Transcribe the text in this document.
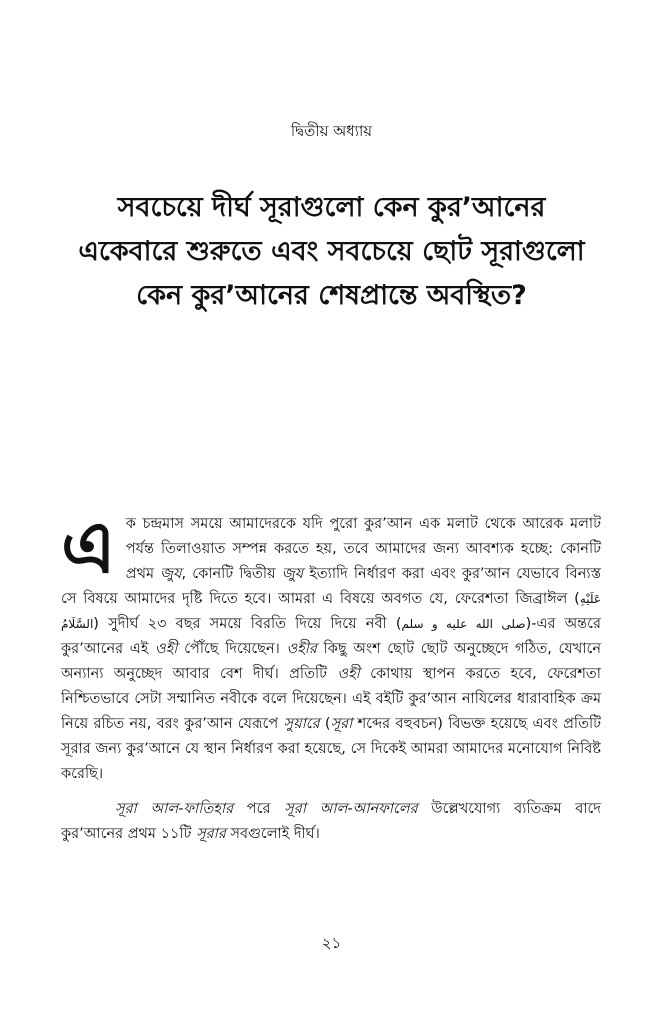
দ্বিতীয় অধ্যায়
সবচেয়ে দীর্ঘ সূরাগুলো কেন কুর’আনের
একেবারে শুরুতে এবং সবচেয়ে ছোট সূরাগুলো
কেন কুর’আনের শেষপ্রান্তে অবস্থিত?

এক চন্দ্রমাস সময়ে আমাদেরকে যদি পুরো কুর’আন এক মলাট থেকে আরেক মলাট পর্যন্ত তিলাওয়াত সম্পন্ন করতে হয়, তবে আমাদের জন্য আবশ্যক হচ্ছে: কোনটি প্রথম জুয, কোনটি দ্বিতীয় জুয ইত্যাদি নির্ধারণ করা এবং কুর’আন যেভাবে বিন্যস্ত সে বিষয়ে আমাদের দৃষ্টি দিতে হবে। আমরা এ বিষয়ে অবগত যে, ফেরেশতা জিব্রাঈল (عَلَيْهِ السَّلَامُ) সুদীর্ঘ ২৩ বছর সময়ে বিরতি দিয়ে দিয়ে নবী (صلى الله عليه و سلم)-এর অন্তরে কুর’আনের এই ওহী পৌঁছে দিয়েছেন। ওহীর কিছু অংশ ছোট ছোট অনুচ্ছেদে গঠিত, যেখানে অন্যান্য অনুচ্ছেদ আবার বেশ দীর্ঘ। প্রতিটি ওহী কোথায় স্থাপন করতে হবে, ফেরেশতা নিশ্চিতভাবে সেটা সম্মানিত নবীকে বলে দিয়েছেন। এই বইটি কুর’আন নাযিলের ধারাবাহিক ক্রম নিয়ে রচিত নয়, বরং কুর’আন যেরূপে সুয়ারে (সূরা শব্দের বহুবচন) বিভক্ত হয়েছে এবং প্রতিটি সূরার জন্য কুর’আনে যে স্থান নির্ধারণ করা হয়েছে, সে দিকেই আমরা আমাদের মনোযোগ নিবিষ্ট করেছি।

সূরা আল-ফাতিহার পরে সূরা আল-আনফালের উল্লেখযোগ্য ব্যতিক্রম বাদে কুর’আনের প্রথম ১১টি সূরার সবগুলোই দীর্ঘ।

২১
